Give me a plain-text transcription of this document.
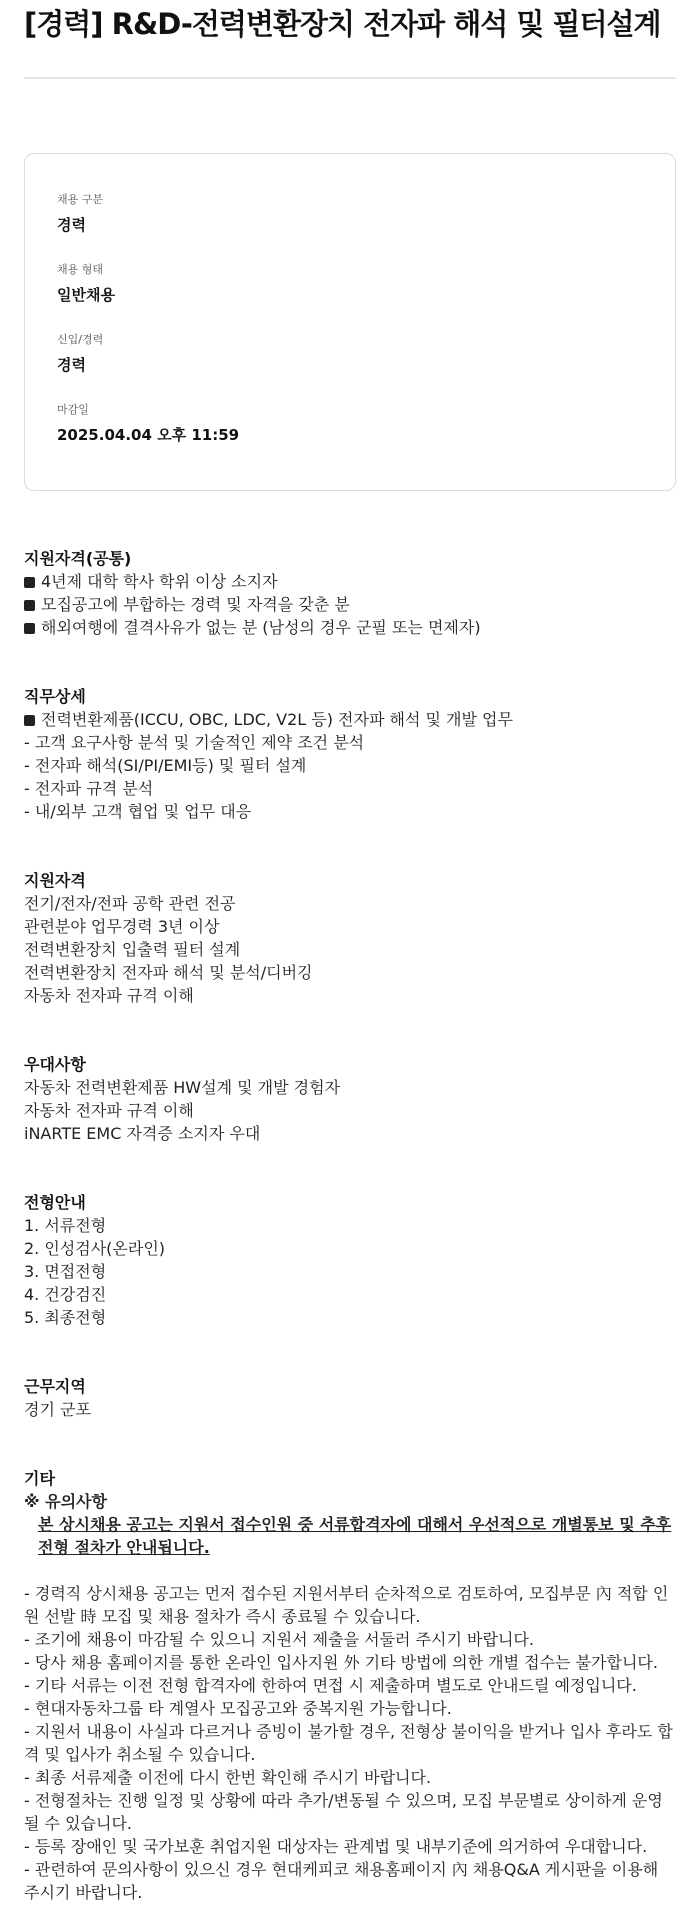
[경력] R&D-전력변환장치 전자파 해석 및 필터설계
채용 구분
경력
채용 형태
일반채용
신입/경력
경력
마감일
2025.04.04 오후 11:59
지원자격(공통)
4년제 대학 학사 학위 이상 소지자
모집공고에 부합하는 경력 및 자격을 갖춘 분
해외여행에 결격사유가 없는 분 (남성의 경우 군필 또는 면제자)
직무상세
전력변환제품(ICCU, OBC, LDC, V2L 등) 전자파 해석 및 개발 업무
- 고객 요구사항 분석 및 기술적인 제약 조건 분석
- 전자파 해석(SI/PI/EMI등) 및 필터 설계
- 전자파 규격 분석
- 내/외부 고객 협업 및 업무 대응
지원자격
전기/전자/전파 공학 관련 전공
관련분야 업무경력 3년 이상
전력변환장치 입출력 필터 설계
전력변환장치 전자파 해석 및 분석/디버깅
자동차 전자파 규격 이해
우대사항
자동차 전력변환제품 HW설계 및 개발 경험자
자동차 전자파 규격 이해
iNARTE EMC 자격증 소지자 우대
전형안내
1. 서류전형
2. 인성검사(온라인)
3. 면접전형
4. 건강검진
5. 최종전형
근무지역
경기 군포
기타
※ 유의사항
본 상시채용 공고는 지원서 접수인원 중 서류합격자에 대해서 우선적으로 개별통보 및 추후 전형 절차가 안내됩니다.
- 경력직 상시채용 공고는 먼저 접수된 지원서부터 순차적으로 검토하여, 모집부문 內 적합 인원 선발 時 모집 및 채용 절차가 즉시 종료될 수 있습니다.
- 조기에 채용이 마감될 수 있으니 지원서 제출을 서둘러 주시기 바랍니다.
- 당사 채용 홈페이지를 통한 온라인 입사지원 外 기타 방법에 의한 개별 접수는 불가합니다.
- 기타 서류는 이전 전형 합격자에 한하여 면접 시 제출하며 별도로 안내드릴 예정입니다.
- 현대자동차그룹 타 계열사 모집공고와 중복지원 가능합니다.
- 지원서 내용이 사실과 다르거나 증빙이 불가할 경우, 전형상 불이익을 받거나 입사 후라도 합격 및 입사가 취소될 수 있습니다.
- 최종 서류제출 이전에 다시 한번 확인해 주시기 바랍니다.
- 전형절차는 진행 일정 및 상황에 따라 추가/변동될 수 있으며, 모집 부문별로 상이하게 운영될 수 있습니다.
- 등록 장애인 및 국가보훈 취업지원 대상자는 관계법 및 내부기준에 의거하여 우대합니다.
- 관련하여 문의사항이 있으신 경우 현대케피코 채용홈페이지 內 채용Q&A 게시판을 이용해 주시기 바랍니다.
